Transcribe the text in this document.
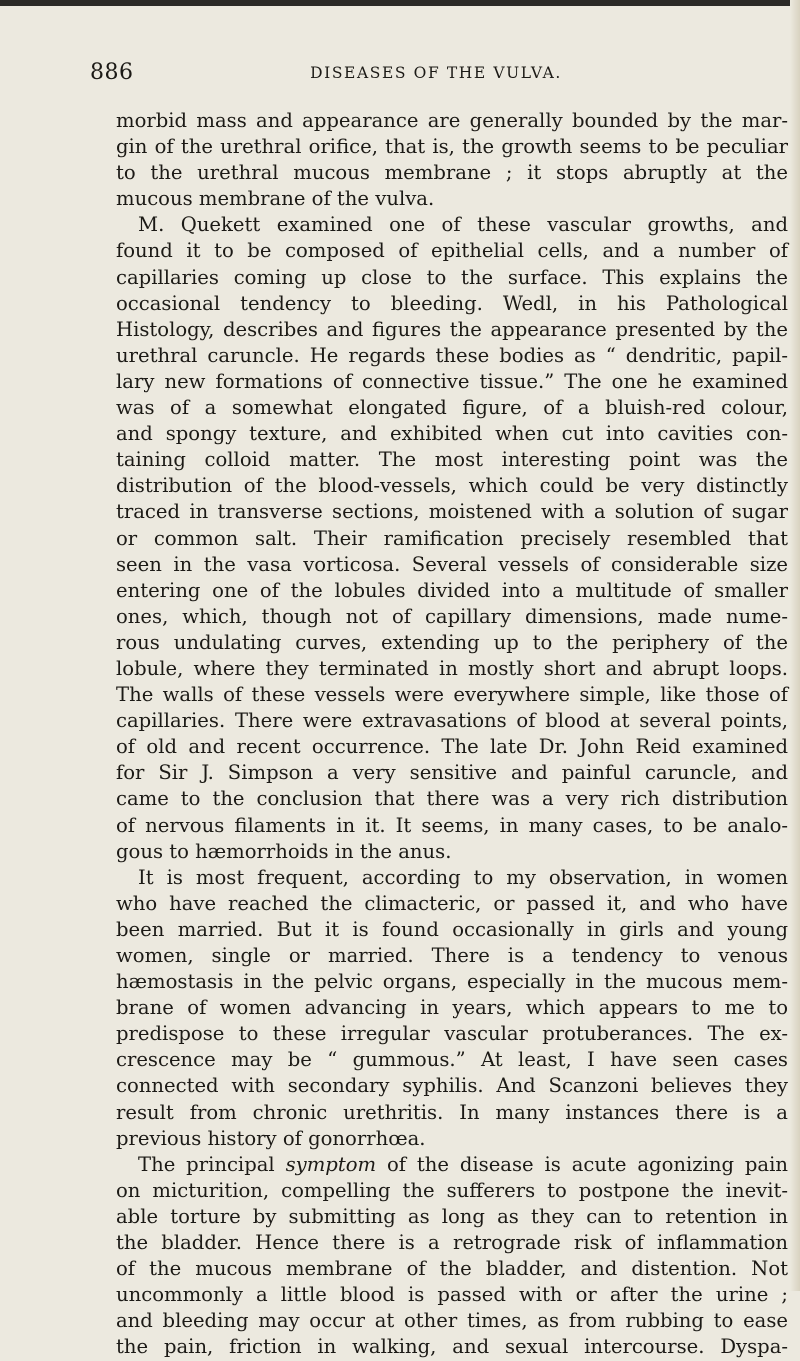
886	DISEASES OF THE VULVA.
morbid mass and appearance are generally bounded by the mar-
gin of the urethral orifice, that is, the growth seems to be peculiar
to the urethral mucous membrane ; it stops abruptly at the
mucous membrane of the vulva.
M. Quekett examined one of these vascular growths, and
found it to be composed of epithelial cells, and a number of
capillaries coming up close to the surface. This explains the
occasional tendency to bleeding. Wedl, in his Pathological
Histology, describes and figures the appearance presented by the
urethral caruncle. He regards these bodies as “ dendritic, papil-
lary new formations of connective tissue.” The one he examined
was of a somewhat elongated figure, of a bluish-red colour,
and spongy texture, and exhibited when cut into cavities con-
taining colloid matter. The most interesting point was the
distribution of the blood-vessels, which could be very distinctly
traced in transverse sections, moistened with a solution of sugar
or common salt. Their ramification precisely resembled that
seen in the vasa vorticosa. Several vessels of considerable size
entering one of the lobules divided into a multitude of smaller
ones, which, though not of capillary dimensions, made nume-
rous undulating curves, extending up to the periphery of the
lobule, where they terminated in mostly short and abrupt loops.
The walls of these vessels were everywhere simple, like those of
capillaries. There were extravasations of blood at several points,
of old and recent occurrence. The late Dr. John Reid examined
for Sir J. Simpson a very sensitive and painful caruncle, and
came to the conclusion that there was a very rich distribution
of nervous filaments in it. It seems, in many cases, to be analo-
gous to hæmorrhoids in the anus.
It is most frequent, according to my observation, in women
who have reached the climacteric, or passed it, and who have
been married. But it is found occasionally in girls and young
women, single or married. There is a tendency to venous
hæmostasis in the pelvic organs, especially in the mucous mem-
brane of women advancing in years, which appears to me to
predispose to these irregular vascular protuberances. The ex-
crescence may be “ gummous.” At least, I have seen cases
connected with secondary syphilis. And Scanzoni believes they
result from chronic urethritis. In many instances there is a
previous history of gonorrhœa.
The principal symptom of the disease is acute agonizing pain
on micturition, compelling the sufferers to postpone the inevit-
able torture by submitting as long as they can to retention in
the bladder. Hence there is a retrograde risk of inflammation
of the mucous membrane of the bladder, and distention. Not
uncommonly a little blood is passed with or after the urine ;
and bleeding may occur at other times, as from rubbing to ease
the pain, friction in walking, and sexual intercourse. Dyspa-
